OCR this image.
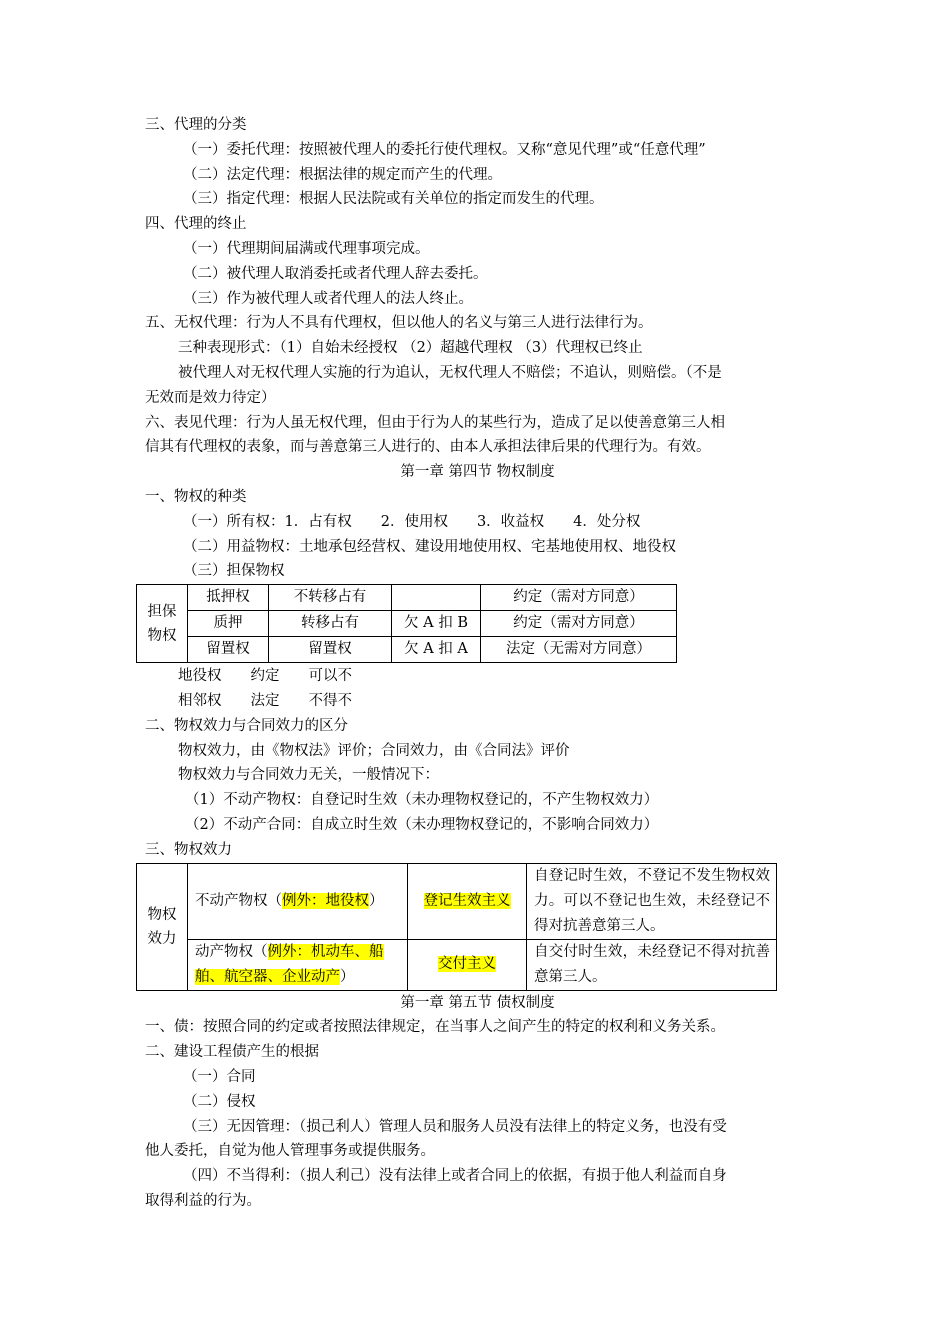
三、代理的分类
（一）委托代理：按照被代理人的委托行使代理权。又称“意见代理”或“任意代理”
（二）法定代理：根据法律的规定而产生的代理。
（三）指定代理：根据人民法院或有关单位的指定而发生的代理。
四、代理的终止
（一）代理期间届满或代理事项完成。
（二）被代理人取消委托或者代理人辞去委托。
（三）作为被代理人或者代理人的法人终止。
五、无权代理：行为人不具有代理权，但以他人的名义与第三人进行法律行为。
三种表现形式：（1）自始未经授权 （2）超越代理权 （3）代理权已终止
被代理人对无权代理人实施的行为追认，无权代理人不赔偿；不追认，则赔偿。（不是
无效而是效力待定）
六、表见代理：行为人虽无权代理，但由于行为人的某些行为，造成了足以使善意第三人相
信其有代理权的表象，而与善意第三人进行的、由本人承担法律后果的代理行为。有效。
第一章 第四节 物权制度
一、物权的种类
（一）所有权：1．占有权　　2．使用权　　3．收益权　　4．处分权
（二）用益物权：土地承包经营权、建设用地使用权、宅基地使用权、地役权
（三）担保物权
担保
物权	抵押权	不转移占有		约定（需对方同意）
	质押	转移占有	欠 A 扣 B	约定（需对方同意）
	留置权	留置权	欠 A 扣 A	法定（无需对方同意）
地役权　　约定　　可以不
相邻权　　法定　　不得不
二、物权效力与合同效力的区分
物权效力，由《物权法》评价；合同效力，由《合同法》评价
物权效力与合同效力无关，一般情况下：
（1）不动产物权：自登记时生效（未办理物权登记的，不产生物权效力）
（2）不动产合同：自成立时生效（未办理物权登记的，不影响合同效力）
三、物权效力
物权
效力	不动产物权（例外：地役权）	登记生效主义	自登记时生效，不登记不发生物权效力。可以不登记也生效，未经登记不得对抗善意第三人。
	动产物权（例外：机动车、船舶、航空器、企业动产）	交付主义	自交付时生效，未经登记不得对抗善意第三人。
第一章 第五节 债权制度
一、债：按照合同的约定或者按照法律规定，在当事人之间产生的特定的权利和义务关系。
二、建设工程债产生的根据
（一）合同
（二）侵权
（三）无因管理：（损己利人）管理人员和服务人员没有法律上的特定义务，也没有受
他人委托，自觉为他人管理事务或提供服务。
（四）不当得利：（损人利己）没有法律上或者合同上的依据，有损于他人利益而自身
取得利益的行为。
